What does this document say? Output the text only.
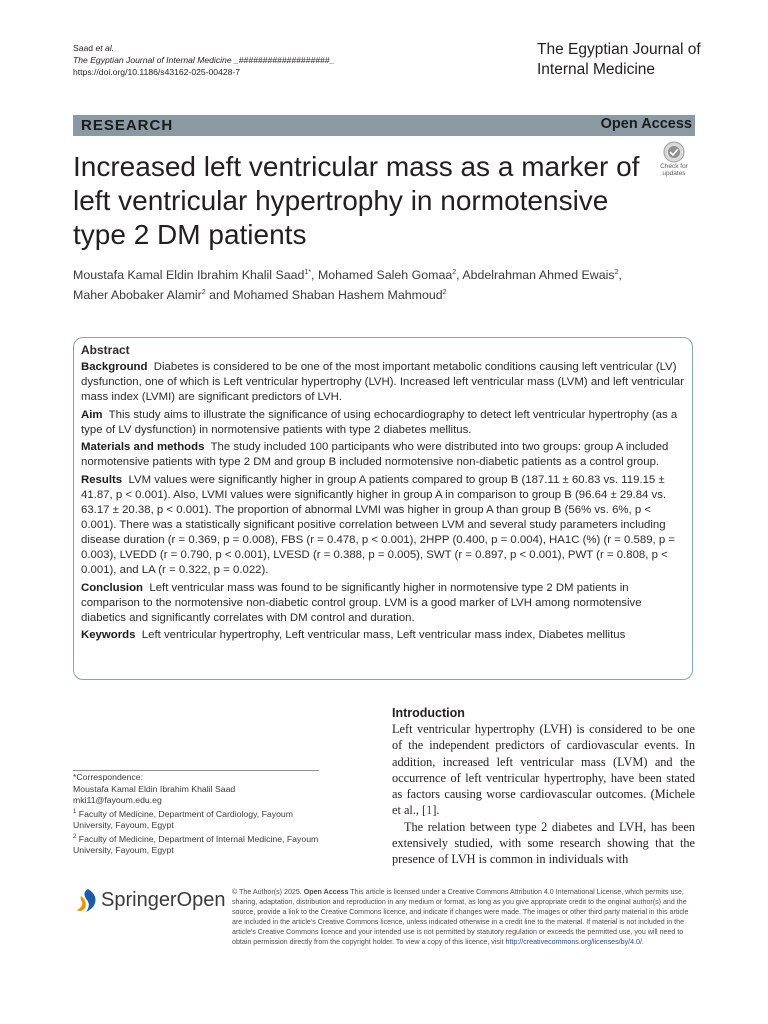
Saad et al.
The Egyptian Journal of Internal Medicine _###################_
https://doi.org/10.1186/s43162-025-00428-7
The Egyptian Journal of
Internal Medicine
RESEARCH	Open Access
Increased left ventricular mass as a marker of left ventricular hypertrophy in normotensive type 2 DM patients
Check for
updates
Moustafa Kamal Eldin Ibrahim Khalil Saad$^{1*}$, Mohamed Saleh Gomaa$^2$, Abdelrahman Ahmed Ewais$^2$,
Maher Abobaker Alamir$^2$ and Mohamed Shaban Hashem Mahmoud$^2$

Abstract

Background Diabetes is considered to be one of the most important metabolic conditions causing left ventricular (LV) dysfunction, one of which is Left ventricular hypertrophy (LVH). Increased left ventricular mass (LVM) and left ventricular mass index (LVMI) are significant predictors of LVH.

Aim This study aims to illustrate the significance of using echocardiography to detect left ventricular hypertrophy (as a type of LV dysfunction) in normotensive patients with type 2 diabetes mellitus.

Materials and methods The study included 100 participants who were distributed into two groups: group A included normotensive patients with type 2 DM and group B included normotensive non-diabetic patients as a control group.

Results LVM values were significantly higher in group A patients compared to group B (187.11 ± 60.83 vs. 119.15 ± 41.87, p < 0.001). Also, LVMI values were significantly higher in group A in comparison to group B (96.64 ± 29.84 vs. 63.17 ± 20.38, p < 0.001). The proportion of abnormal LVMI was higher in group A than group B (56% vs. 6%, p < 0.001). There was a statistically significant positive correlation between LVM and several study parameters including disease duration (r = 0.369, p = 0.008), FBS (r = 0.478, p < 0.001), 2HPP (0.400, p = 0.004), HA1C (%) (r = 0.589, p = 0.003), LVEDD (r = 0.790, p < 0.001), LVESD (r = 0.388, p = 0.005), SWT (r = 0.897, p < 0.001), PWT (r = 0.808, p < 0.001), and LA (r = 0.322, p = 0.022).

Conclusion Left ventricular mass was found to be significantly higher in normotensive type 2 DM patients in comparison to the normotensive non-diabetic control group. LVM is a good marker of LVH among normotensive diabetics and significantly correlates with DM control and duration.

Keywords Left ventricular hypertrophy, Left ventricular mass, Left ventricular mass index, Diabetes mellitus

Introduction

Left ventricular hypertrophy (LVH) is considered to be one of the independent predictors of cardiovascular events. In addition, increased left ventricular mass (LVM) and the occurrence of left ventricular hypertrophy, have been stated as factors causing worse cardiovascular outcomes. (Michele et al., [1].

The relation between type 2 diabetes and LVH, has been extensively studied, with some research showing that the presence of LVH is common in individuals with

*Correspondence:
Moustafa Kamal Eldin Ibrahim Khalil Saad
mki11@fayoum.edu.eg
$^1$ Faculty of Medicine, Department of Cardiology, Fayoum University, Fayoum, Egypt
$^2$ Faculty of Medicine, Department of Internal Medicine, Fayoum University, Fayoum, Egypt
SpringerOpen © The Author(s) 2025. Open Access This article is licensed under a Creative Commons Attribution 4.0 International License, which permits use, sharing, adaptation, distribution and reproduction in any medium or format, as long as you give appropriate credit to the original author(s) and the source, provide a link to the Creative Commons licence, and indicate if changes were made. The images or other third party material in this article are included in the article's Creative Commons licence, unless indicated otherwise in a credit line to the material. If material is not included in the article's Creative Commons licence and your intended use is not permitted by statutory regulation or exceeds the permitted use, you will need to obtain permission directly from the copyright holder. To view a copy of this licence, visit http://creativecommons.org/licenses/by/4.0/.
